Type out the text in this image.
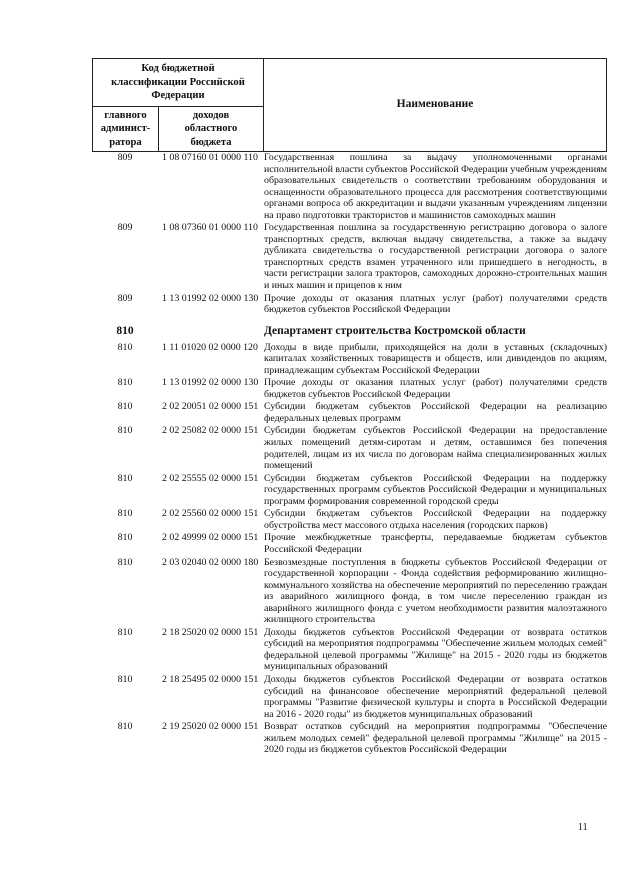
Код бюджетной классификации Российской Федерации		Наименование
главного админист-ратора	доходов областного бюджета	
809	1 08 07160 01 0000 110 Государственная пошлина за выдачу уполномоченными органами исполнительной власти субъектов Российской Федерации учебным учреждениям образовательных свидетельств о соответствии требованиям оборудования и оснащенности образовательного процесса для рассмотрения соответствующими органами вопроса об аккредитации и выдачи указанным учреждениям лицензии на право подготовки трактористов и машинистов самоходных машин
809	1 08 07360 01 0000 110 Государственная пошлина за государственную регистрацию договора о залоге транспортных средств, включая выдачу свидетельства, а также за выдачу дубликата свидетельства о государственной регистрации договора о залоге транспортных средств взамен утраченного или пришедшего в негодность, в части регистрации залога тракторов, самоходных дорожно-строительных машин и иных машин и прицепов к ним
809	1 13 01992 02 0000 130 Прочие доходы от оказания платных услуг (работ) получателями средств бюджетов субъектов Российской Федерации
810	Департамент строительства Костромской области
810	1 11 01020 02 0000 120 Доходы в виде прибыли, приходящейся на доли в уставных (складочных) капиталах хозяйственных товариществ и обществ, или дивидендов по акциям, принадлежащим субъектам Российской Федерации
810	1 13 01992 02 0000 130 Прочие доходы от оказания платных услуг (работ) получателями средств бюджетов субъектов Российской Федерации
810	2 02 20051 02 0000 151 Субсидии бюджетам субъектов Российской Федерации на реализацию федеральных целевых программ
810	2 02 25082 02 0000 151 Субсидии бюджетам субъектов Российской Федерации на предоставление жилых помещений детям-сиротам и детям, оставшимся без попечения родителей, лицам из их числа по договорам найма специализированных жилых помещений
810	2 02 25555 02 0000 151 Субсидии бюджетам субъектов Российской Федерации на поддержку государственных программ субъектов Российской Федерации и муниципальных программ формирования современной городской среды
810	2 02 25560 02 0000 151 Субсидии бюджетам субъектов Российской Федерации на поддержку обустройства мест массового отдыха населения (городских парков)
810	2 02 49999 02 0000 151 Прочие межбюджетные трансферты, передаваемые бюджетам субъектов Российской Федерации
810	2 03 02040 02 0000 180 Безвозмездные поступления в бюджеты субъектов Российской Федерации от государственной корпорации - Фонда содействия реформированию жилищно-коммунального хозяйства на обеспечение мероприятий по переселению граждан из аварийного жилищного фонда, в том числе переселению граждан из аварийного жилищного фонда с учетом необходимости развития малоэтажного жилищного строительства
810	2 18 25020 02 0000 151 Доходы бюджетов субъектов Российской Федерации от возврата остатков субсидий на мероприятия подпрограммы "Обеспечение жильем молодых семей" федеральной целевой программы "Жилище" на 2015 - 2020 годы из бюджетов муниципальных образований
810	2 18 25495 02 0000 151 Доходы бюджетов субъектов Российской Федерации от возврата остатков субсидий на финансовое обеспечение мероприятий федеральной целевой программы "Развитие физической культуры и спорта в Российской Федерации на 2016 - 2020 годы" из бюджетов муниципальных образований
810	2 19 25020 02 0000 151 Возврат остатков субсидий на мероприятия подпрограммы "Обеспечение жильем молодых семей" федеральной целевой программы "Жилище" на 2015 - 2020 годы из бюджетов субъектов Российской Федерации
11
